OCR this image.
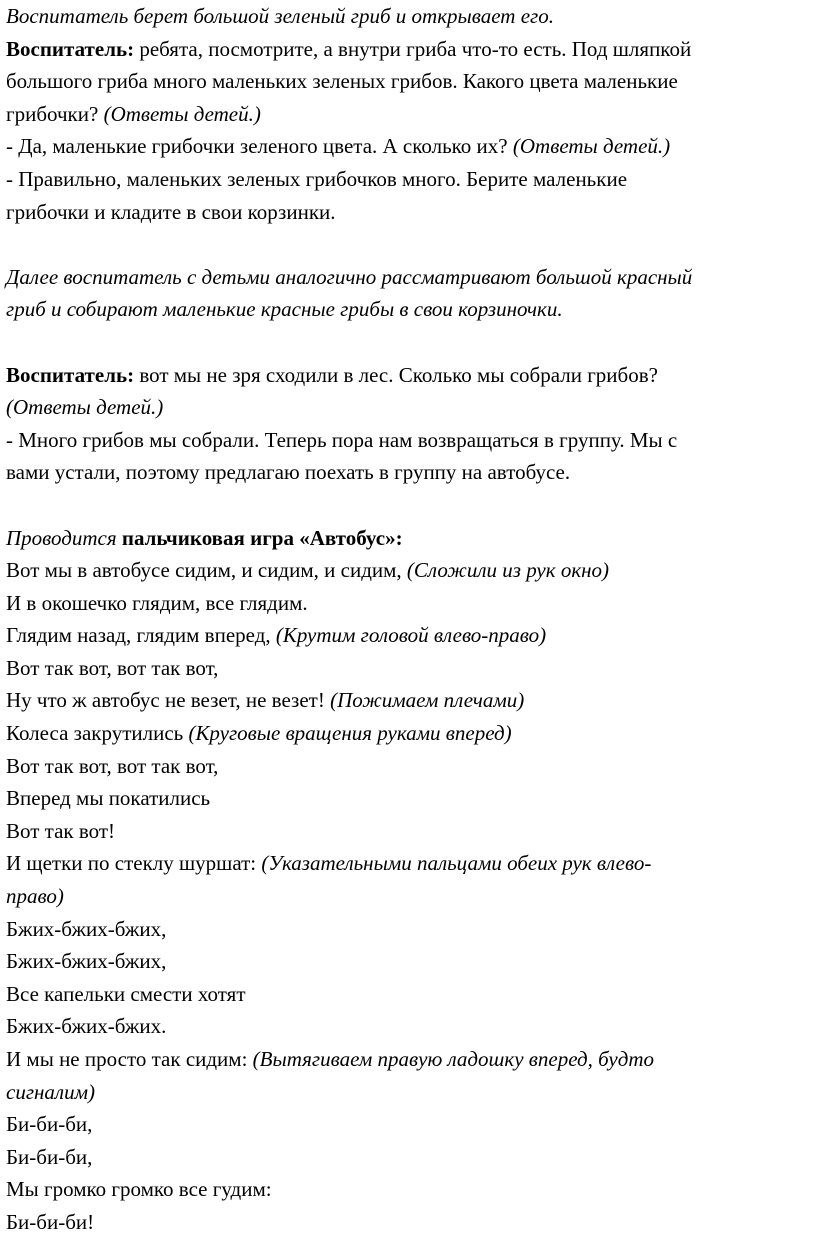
Воспитатель берет большой зеленый гриб и открывает его.
Воспитатель: ребята, посмотрите, а внутри гриба что-то есть. Под шляпкой
большого гриба много маленьких зеленых грибов. Какого цвета маленькие
грибочки? (Ответы детей.)
- Да, маленькие грибочки зеленого цвета. А сколько их? (Ответы детей.)
- Правильно, маленьких зеленых грибочков много. Берите маленькие
грибочки и кладите в свои корзинки.
Далее воспитатель с детьми аналогично рассматривают большой красный
гриб и собирают маленькие красные грибы в свои корзиночки.
Воспитатель: вот мы не зря сходили в лес. Сколько мы собрали грибов?
(Ответы детей.)
- Много грибов мы собрали. Теперь пора нам возвращаться в группу. Мы с
вами устали, поэтому предлагаю поехать в группу на автобусе.
Проводится пальчиковая игра «Автобус»:
Вот мы в автобусе сидим, и сидим, и сидим, (Сложили из рук окно)
И в окошечко глядим, все глядим.
Глядим назад, глядим вперед, (Крутим головой влево-право)
Вот так вот, вот так вот,
Ну что ж автобус не везет, не везет! (Пожимаем плечами)
Колеса закрутились (Круговые вращения руками вперед)
Вот так вот, вот так вот,
Вперед мы покатились
Вот так вот!
И щетки по стеклу шуршат: (Указательными пальцами обеих рук влево-
право)
Бжих-бжих-бжих,
Бжих-бжих-бжих,
Все капельки смести хотят
Бжих-бжих-бжих.
И мы не просто так сидим: (Вытягиваем правую ладошку вперед, будто
сигналим)
Би-би-би,
Би-би-би,
Мы громко громко все гудим:
Би-би-би!
